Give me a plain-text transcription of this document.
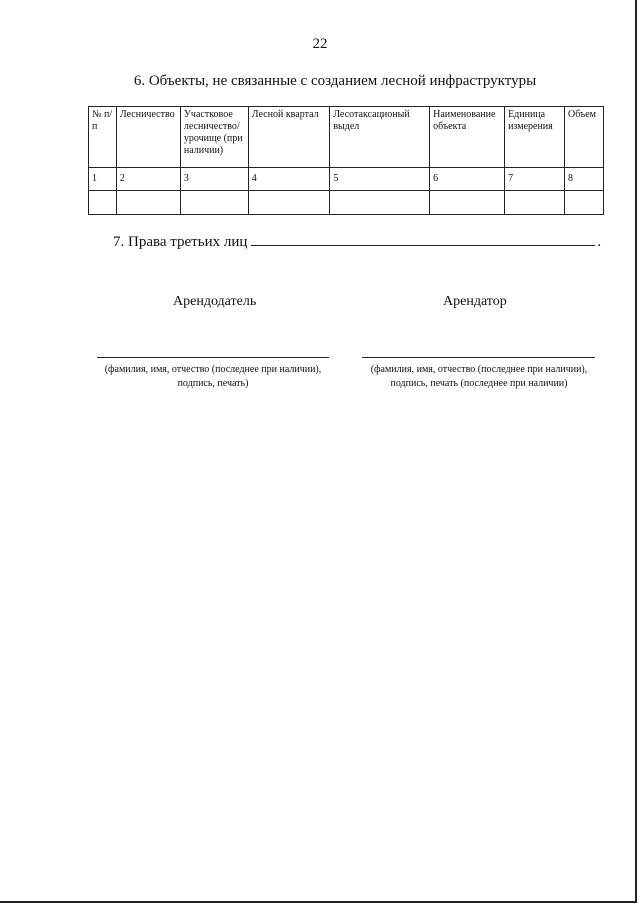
22
6. Объекты, не связанные с созданием лесной инфраструктуры
№ п/п	Лесничество	Участковое лесничество/ урочище (при наличии)	Лесной квартал	Лесотаксационый выдел	Наименование объекта	Единица измерения	Объем
1	2	3	4	5	6	7	8

7. Права третьих лиц	.
Арендодатель	Арендатор
(фамилия, имя, отчество (последнее при наличии),
подпись, печать)
(фамилия, имя, отчество (последнее при наличии),
подпись, печать (последнее при наличии)
